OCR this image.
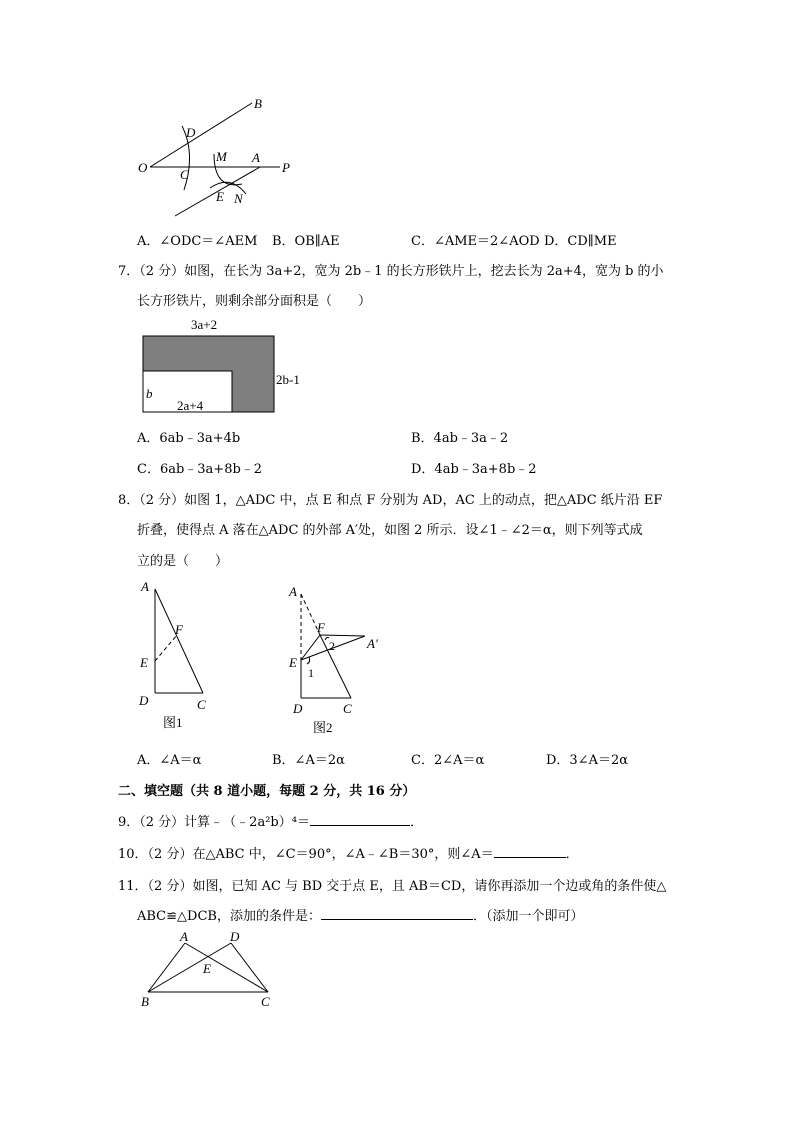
O
B
D
M A
P
C
E N
A．∠ODC＝∠AEM B．OB∥AE	C．∠AME＝2∠AOD D．CD∥ME
7．（2 分）如图，在长为 3a+2，宽为 2b﹣1 的长方形铁片上，挖去长为 2a+4，宽为 b 的小
长方形铁片，则剩余部分面积是（　　）
3a+2
2b-1
2a+4
b
A．6ab﹣3a+4b	B．4ab﹣3a﹣2
C．6ab﹣3a+8b﹣2	D．4ab﹣3a+8b﹣2
8．（2 分）如图 1，△ADC 中，点 E 和点 F 分别为 AD，AC 上的动点，把△ADC 纸片沿 EF
折叠，使得点 A 落在△ADC 的外部 A′处，如图 2 所示．设∠1﹣∠2＝α，则下列等式成
立的是（　　）
A
F
E
D	C
图1
A
F
A′
E
D	C
1
2
图2
A．∠A＝α	B．∠A＝2α	C．2∠A＝α	D．3∠A＝2α
二、填空题（共 8 道小题，每题 2 分，共 16 分）
9．（2 分）计算﹣（﹣2a²b）⁴＝	．
10．（2 分）在△ABC 中，∠C＝90°，∠A﹣∠B＝30°，则∠A＝	．
11．（2 分）如图，已知 AC 与 BD 交于点 E，且 AB＝CD，请你再添加一个边或角的条件使△
ABC≌△DCB，添加的条件是：	．（添加一个即可）
A	D
E
B	C
